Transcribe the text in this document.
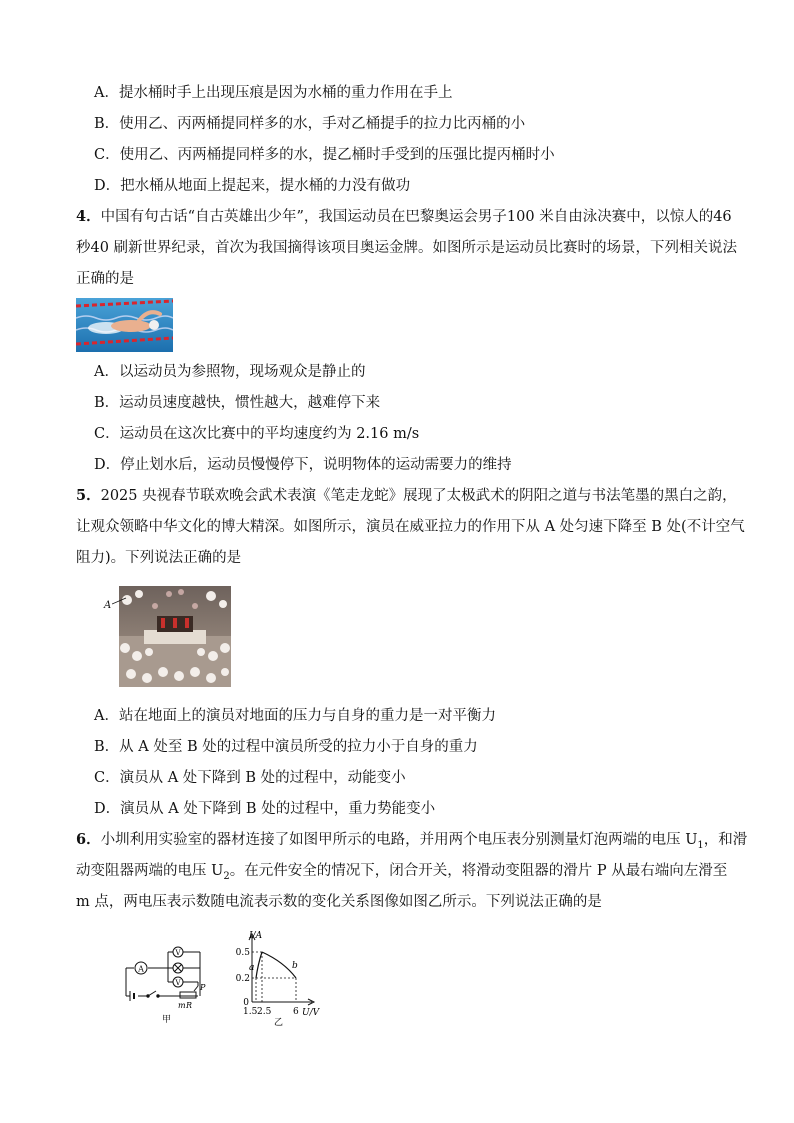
A．提水桶时手上出现压痕是因为水桶的重力作用在手上
B．使用乙、丙两桶提同样多的水，手对乙桶提手的拉力比丙桶的小
C．使用乙、丙两桶提同样多的水，提乙桶时手受到的压强比提丙桶时小
D．把水桶从地面上提起来，提水桶的力没有做功
4．中国有句古话“自古英雄出少年”，我国运动员在巴黎奥运会男子100 米自由泳决赛中，以惊人的46
秒40 刷新世界纪录，首次为我国摘得该项目奥运金牌。如图所示是运动员比赛时的场景，下列相关说法
正确的是
A．以运动员为参照物，现场观众是静止的
B．运动员速度越快，惯性越大，越难停下来
C．运动员在这次比赛中的平均速度约为 2.16 m/s
D．停止划水后，运动员慢慢停下，说明物体的运动需要力的维持
5．2025 央视春节联欢晚会武术表演《笔走龙蛇》展现了太极武术的阴阳之道与书法笔墨的黑白之韵，
让观众领略中华文化的博大精深。如图所示，演员在威亚拉力的作用下从 A 处匀速下降至 B 处(不计空气
阻力)。下列说法正确的是
A
A．站在地面上的演员对地面的压力与自身的重力是一对平衡力
B．从 A 处至 B 处的过程中演员所受的拉力小于自身的重力
C．演员从 A 处下降到 B 处的过程中，动能变小
D．演员从 A 处下降到 B 处的过程中，重力势能变小
6．小圳利用实验室的器材连接了如图甲所示的电路，并用两个电压表分别测量灯泡两端的电压 $U_1$，和滑
动变阻器两端的电压 $U_2$。在元件安全的情况下，闭合开关，将滑动变阻器的滑片 P 从最右端向左滑至
m 点，两电压表示数随电流表示数的变化关系图像如图乙所示。下列说法正确的是
A
V
V P
m R
甲
I/A
0.5
0.2
0
1.5 2.5 6 U/V
a	b
乙
